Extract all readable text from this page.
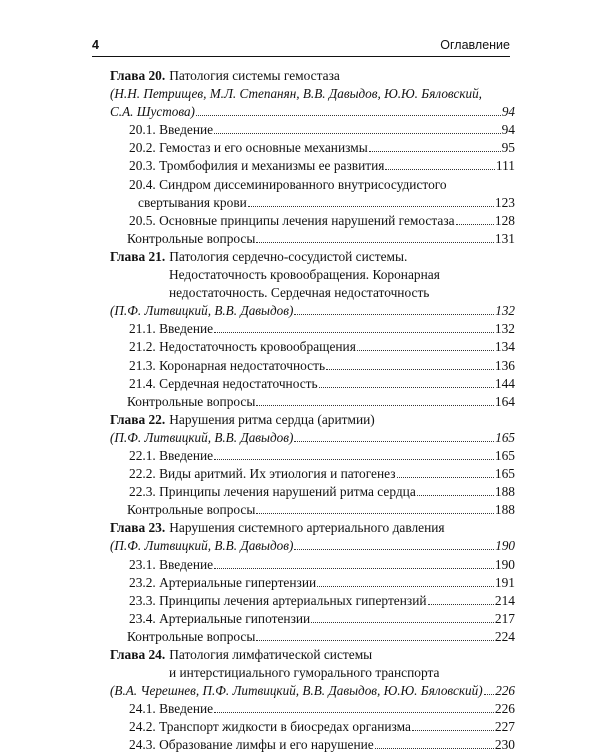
4	Оглавление
Глава 20. Патология системы гемостаза
(Н.Н. Петрищев, М.Л. Степанян, В.В. Давыдов, Ю.Ю. Бяловский,
С.А. Шустова)	94
20.1. Введение	94
20.2. Гемостаз и его основные механизмы	95
20.3. Тромбофилия и механизмы ее развития	111
20.4. Синдром диссеминированного внутрисосудистого
свертывания крови	123
20.5. Основные принципы лечения нарушений гемостаза	128
Контрольные вопросы	131
Глава 21. Патология сердечно-сосудистой системы.
Недостаточность кровообращения. Коронарная
недостаточность. Сердечная недостаточность
(П.Ф. Литвицкий, В.В. Давыдов)	132
21.1. Введение	132
21.2. Недостаточность кровообращения	134
21.3. Коронарная недостаточность	136
21.4. Сердечная недостаточность	144
Контрольные вопросы	164
Глава 22. Нарушения ритма сердца (аритмии)
(П.Ф. Литвицкий, В.В. Давыдов)	165
22.1. Введение	165
22.2. Виды аритмий. Их этиология и патогенез	165
22.3. Принципы лечения нарушений ритма сердца	188
Контрольные вопросы	188
Глава 23. Нарушения системного артериального давления
(П.Ф. Литвицкий, В.В. Давыдов)	190
23.1. Введение	190
23.2. Артериальные гипертензии	191
23.3. Принципы лечения артериальных гипертензий	214
23.4. Артериальные гипотензии	217
Контрольные вопросы	224
Глава 24. Патология лимфатической системы
и интерстициального гуморального транспорта
(В.А. Черешнев, П.Ф. Литвицкий, В.В. Давыдов, Ю.Ю. Бяловский) 226
24.1. Введение	226
24.2. Транспорт жидкости в биосредах организма	227
24.3. Образование лимфы и его нарушение	230
